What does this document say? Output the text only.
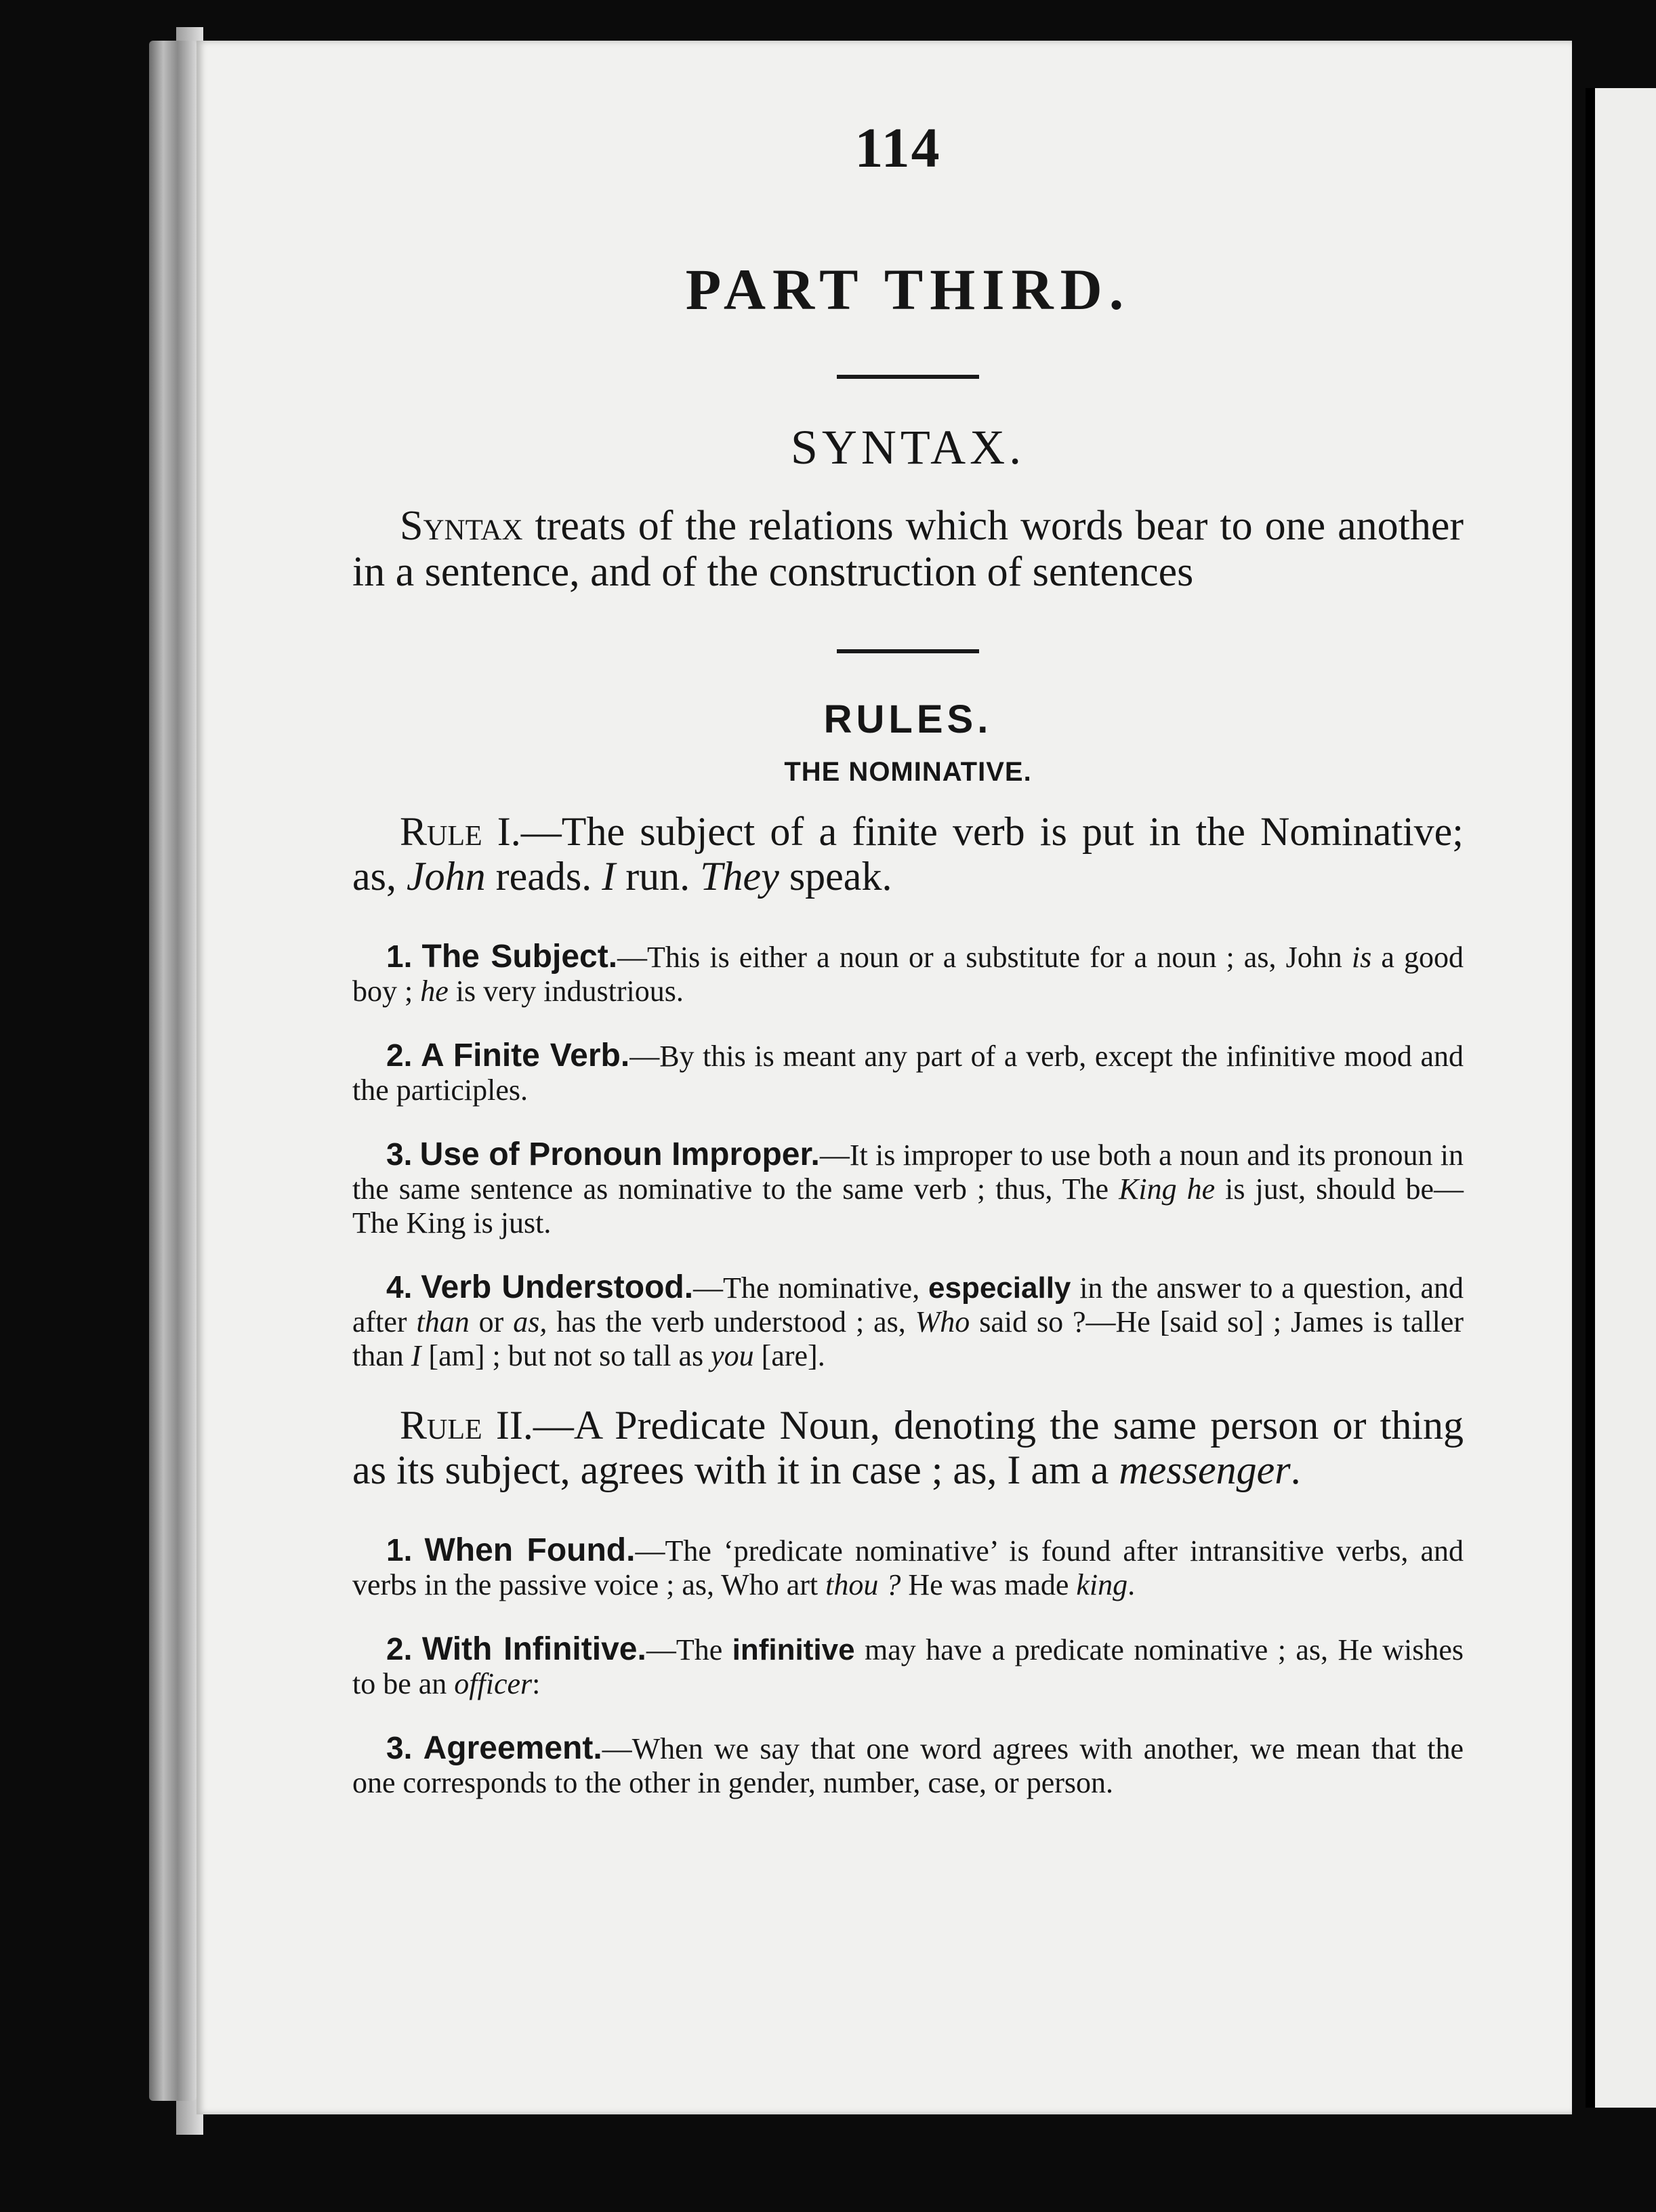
114
PART THIRD.
SYNTAX.

Syntax treats of the relations which words bear to one another in a sentence, and of the construction of sentences

RULES.
THE NOMINATIVE.

Rule I.—The subject of a finite verb is put in the Nominative; as, John reads. I run. They speak.

1. The Subject.—This is either a noun or a substitute for a noun ; as, John is a good boy ; he is very industrious.

2. A Finite Verb.—By this is meant any part of a verb, except the infinitive mood and the participles.

3. Use of Pronoun Improper.—It is improper to use both a noun and its pronoun in the same sentence as nominative to the same verb ; thus, The King he is just, should be—The King is just.

4. Verb Understood.—The nominative, especially in the answer to a question, and after than or as, has the verb understood ; as, Who said so ?—He [said so] ; James is taller than I [am] ; but not so tall as you [are].

Rule II.—A Predicate Noun, denoting the same person or thing as its subject, agrees with it in case ; as, I am a messenger.

1. When Found.—The ‘predicate nominative’ is found after intransitive verbs, and verbs in the passive voice ; as, Who art thou ? He was made king.

2. With Infinitive.—The infinitive may have a predicate nominative ; as, He wishes to be an officer:

3. Agreement.—When we say that one word agrees with another, we mean that the one corresponds to the other in gender, number, case, or person.
